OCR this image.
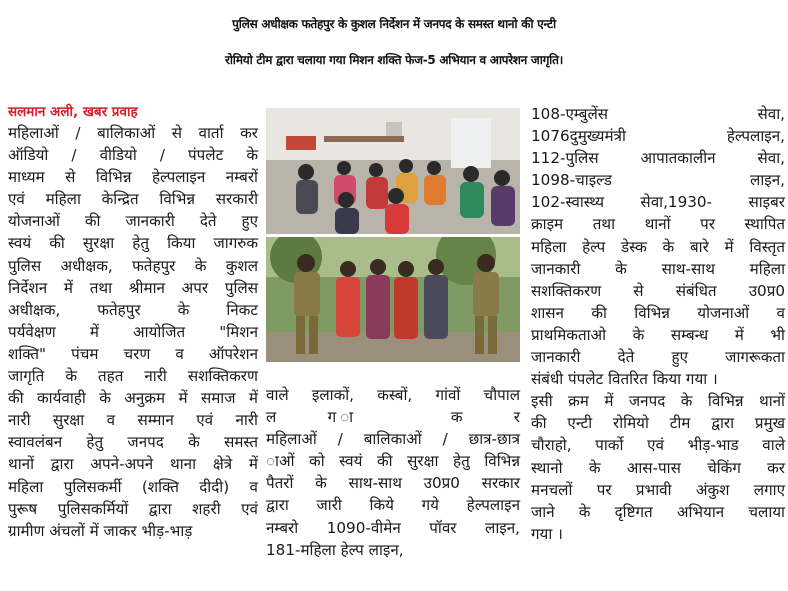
पुलिस अधीक्षक फतेहपुर के कुशल निर्देशन में जनपद के समस्त थानो की एन्टी
रोमियो टीम द्वारा चलाया गया मिशन शक्ति फेज-5 अभियान व आपरेशन जागृति।
सलमान अली, खबर प्रवाह

महिलाओं / बालिकाओं से वार्ता कर

ऑडियो / वीडियो / पंपलेट के

माध्यम से विभिन्न हेल्पलाइन नम्बरों

एवं महिला केन्द्रित विभिन्न सरकारी

योजनाओं की जानकारी देते हुए

स्वयं की सुरक्षा हेतु किया जागरुक

पुलिस अधीक्षक, फतेहपुर के कुशल

निर्देशन में तथा श्रीमान अपर पुलिस

अधीक्षक, फतेहपुर के निकट

पर्यवेक्षण में आयोजित "मिशन

शक्ति" पंचम चरण व ऑपरेशन

जागृति के तहत नारी सशक्तिकरण

की कार्यवाही के अनुक्रम में समाज में

नारी सुरक्षा व सम्मान एवं नारी

स्वावलंबन हेतु जनपद के समस्त

थानों द्वारा अपने-अपने थाना क्षेत्रे में

महिला पुलिसकर्मी (शक्ति दीदी) व

पुरूष पुलिसकर्मियों द्वारा शहरी एवं

ग्रामीण अंचलों में जाकर भीड़-भाड़

वाले इलाकों, कस्बों, गांवों चौपाल

ल ग ा क र

महिलाओं / बालिकाओं / छात्र-छात्र

ाओं को स्वयं की सुरक्षा हेतु विभिन्न

पैतरों के साथ-साथ उ0प्र0 सरकार

द्वारा जारी किये गये हेल्पलाइन

नम्बरो 1090-वीमेन पॉवर लाइन,

181-महिला हेल्प लाइन,

108-एम्बुलेंस सेवा,

1076दुमुख्यमंत्री हेल्पलाइन,

112-पुलिस आपातकालीन सेवा,

1098-चाइल्ड लाइन,

102-स्वास्थ्य सेवा,1930- साइबर

क्राइम तथा थानों पर स्थापित

महिला हेल्प डेस्क के बारे में विस्तृत

जानकारी के साथ-साथ महिला

सशक्तिकरण से संबंधित उ0प्र0

शासन की विभिन्न योजनाओं व

प्राथमिकताओ के सम्बन्ध में भी

जानकारी देते हुए जागरूकता

संबंधी पंपलेट वितरित किया गया ।

इसी क्रम में जनपद के विभिन्न थानों

की एन्टी रोमियो टीम द्वारा प्रमुख

चौराहो, पार्को एवं भीड़-भाड वाले

स्थानो के आस-पास चेकिंग कर

मनचलों पर प्रभावी अंकुश लगाए

जाने के दृष्टिगत अभियान चलाया

गया ।
